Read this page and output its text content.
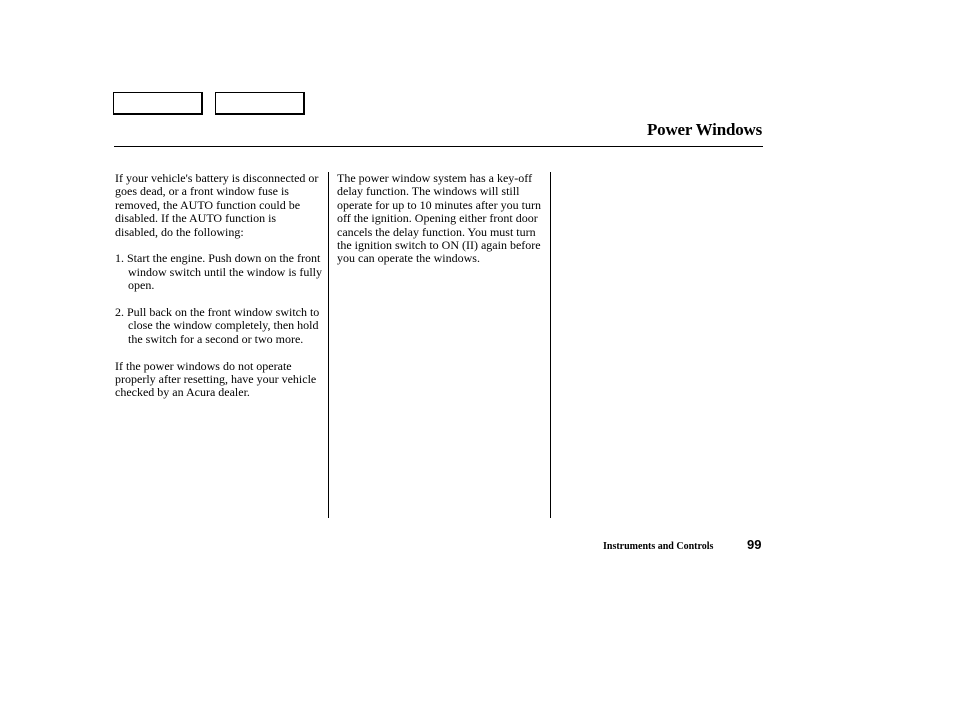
Power Windows

If your vehicle's battery is disconnected or goes dead, or a front window fuse is removed, the AUTO function could be disabled. If the AUTO function is disabled, do the following:

1. Start the engine. Push down on the front window switch until the window is fully open.

2. Pull back on the front window switch to close the window completely, then hold the switch for a second or two more.

If the power windows do not operate properly after resetting, have your vehicle checked by an Acura dealer.

The power window system has a key-off delay function. The windows will still operate for up to 10 minutes after you turn off the ignition. Opening either front door cancels the delay function. You must turn the ignition switch to ON (II) again before you can operate the windows.

Instruments and Controls	99
